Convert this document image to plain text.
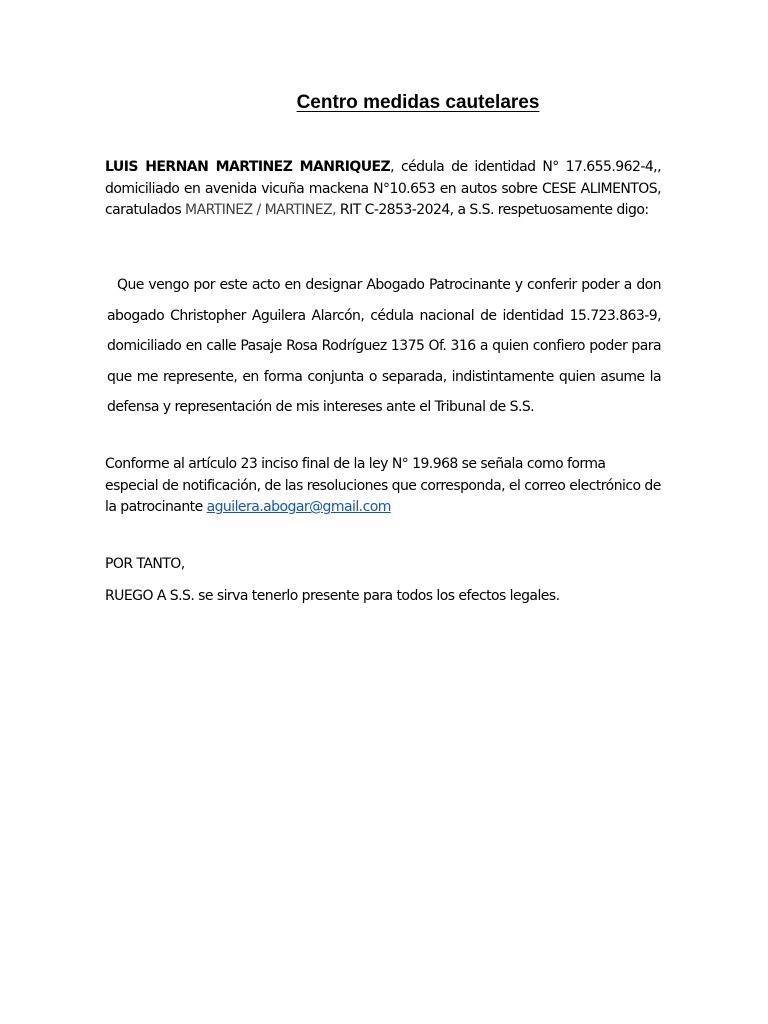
Centro medidas cautelares

LUIS HERNAN MARTINEZ MANRIQUEZ, cédula de identidad N° 17.655.962-4,, domiciliado en avenida vicuña mackena N°10.653 en autos sobre CESE ALIMENTOS, caratulados MARTINEZ / MARTINEZ, RIT C-2853-2024, a S.S. respetuosamente digo:

Que vengo por este acto en designar Abogado Patrocinante y conferir poder a don abogado Christopher Aguilera Alarcón, cédula nacional de identidad 15.723.863-9, domiciliado en calle Pasaje Rosa Rodríguez 1375 Of. 316 a quien confiero poder para que me represente, en forma conjunta o separada, indistintamente quien asume la defensa y representación de mis intereses ante el Tribunal de S.S.

Conforme al artículo 23 inciso final de la ley N° 19.968 se señala como forma especial de notificación, de las resoluciones que corresponda, el correo electrónico de la patrocinante aguilera.abogar@gmail.com

POR TANTO,

RUEGO A S.S. se sirva tenerlo presente para todos los efectos legales.
